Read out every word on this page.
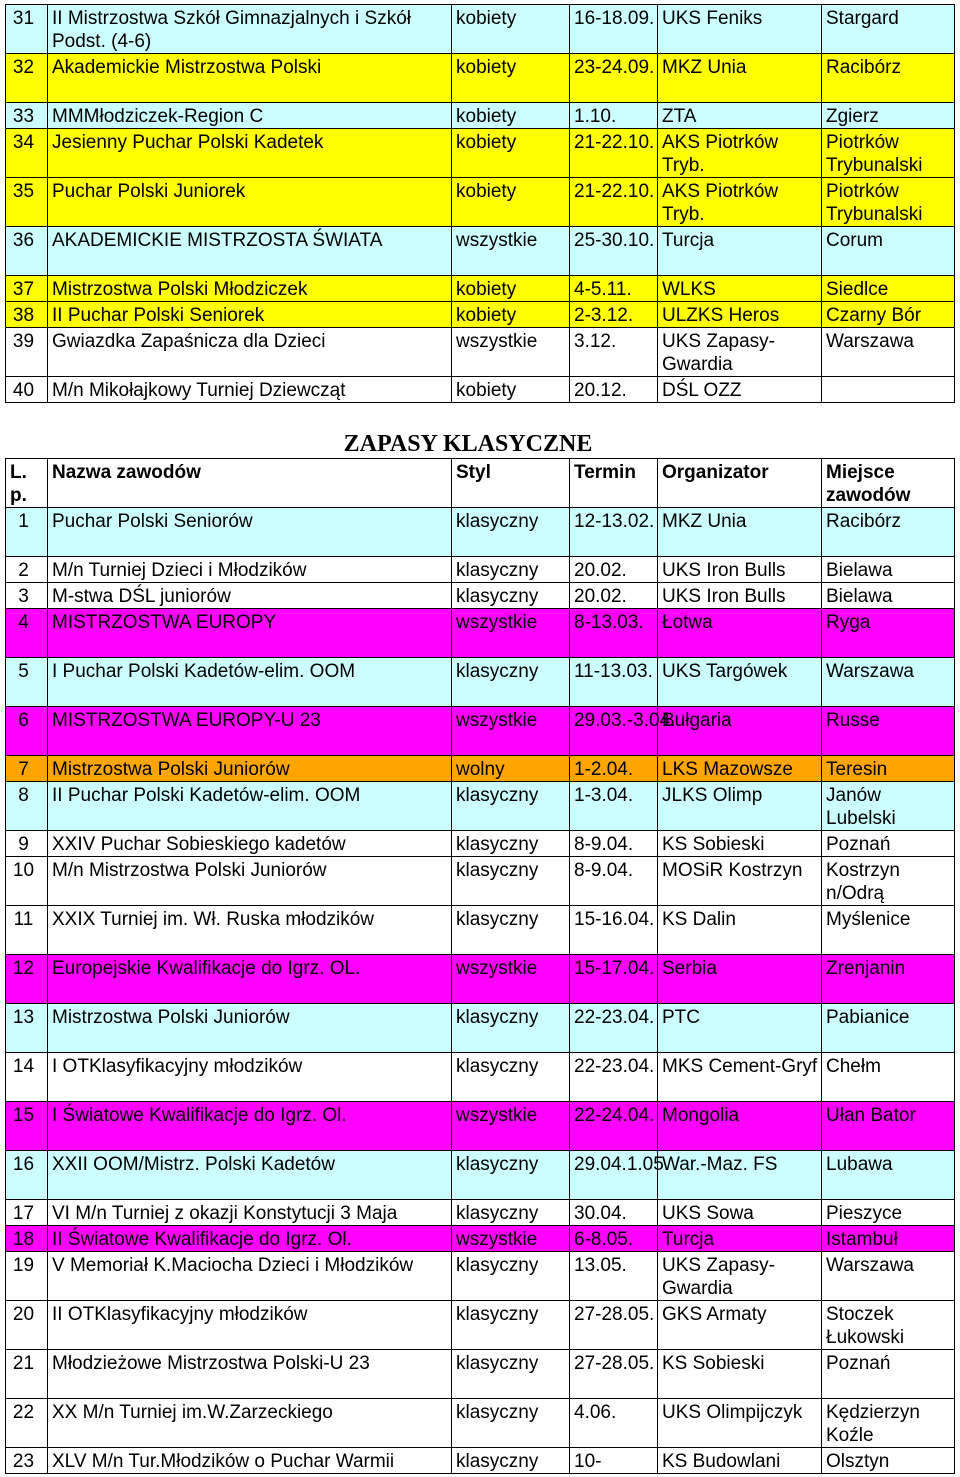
31	II Mistrzostwa Szkół Gimnazjalnych i Szkół Podst. (4-6)	kobiety	16-18.09.	UKS Feniks	Stargard
32	Akademickie Mistrzostwa Polski	kobiety	23-24.09.	MKZ Unia	Racibórz
33	MMMłodziczek-Region C	kobiety	1.10.	ZTA	Zgierz
34	Jesienny Puchar Polski Kadetek	kobiety	21-22.10.	AKS Piotrków Tryb.	Piotrków Trybunalski
35	Puchar Polski Juniorek	kobiety	21-22.10.	AKS Piotrków Tryb.	Piotrków Trybunalski
36	AKADEMICKIE MISTRZOSTA ŚWIATA	wszystkie	25-30.10.	Turcja	Corum
37	Mistrzostwa Polski Młodziczek	kobiety	4-5.11.	WLKS	Siedlce
38	II Puchar Polski Seniorek	kobiety	2-3.12.	ULZKS Heros	Czarny Bór
39	Gwiazdka Zapaśnicza dla Dzieci	wszystkie	3.12.	UKS Zapasy-Gwardia	Warszawa
40	M/n Mikołajkowy Turniej Dziewcząt	kobiety	20.12.	DŚL OZZ	
ZAPASY KLASYCZNE
L. p.	Nazwa zawodów	Styl	Termin	Organizator	Miejsce zawodów
1	Puchar Polski Seniorów	klasyczny	12-13.02.	MKZ Unia	Racibórz
2	M/n Turniej Dzieci i Młodzików	klasyczny	20.02.	UKS Iron Bulls	Bielawa
3	M-stwa DŚL juniorów	klasyczny	20.02.	UKS Iron Bulls	Bielawa
4	MISTRZOSTWA EUROPY	wszystkie	8-13.03.	Łotwa	Ryga
5	I Puchar Polski Kadetów-elim. OOM	klasyczny	11-13.03.	UKS Targówek	Warszawa
6	MISTRZOSTWA EUROPY-U 23	wszystkie	29.03.-3.04.	Bułgaria	Russe
7	Mistrzostwa Polski Juniorów	wolny	1-2.04.	LKS Mazowsze	Teresin
8	II Puchar Polski Kadetów-elim. OOM	klasyczny	1-3.04.	JLKS Olimp	Janów Lubelski
9	XXIV Puchar Sobieskiego kadetów	klasyczny	8-9.04.	KS Sobieski	Poznań
10	M/n Mistrzostwa Polski Juniorów	klasyczny	8-9.04.	MOSiR Kostrzyn	Kostrzyn n/Odrą
11	XXIX Turniej im. Wł. Ruska młodzików	klasyczny	15-16.04.	KS Dalin	Myślenice
12	Europejskie Kwalifikacje do Igrz. OL.	wszystkie	15-17.04.	Serbia	Zrenjanin
13	Mistrzostwa Polski Juniorów	klasyczny	22-23.04.	PTC	Pabianice
14	I OTKlasyfikacyjny młodzików	klasyczny	22-23.04.	MKS Cement-Gryf	Chełm
15	I Światowe Kwalifikacje do Igrz. Ol.	wszystkie	22-24.04.	Mongolia	Ułan Bator
16	XXII OOM/Mistrz. Polski Kadetów	klasyczny	29.04.1.05.	War.-Maz. FS	Lubawa
17	VI M/n Turniej z okazji Konstytucji 3 Maja	klasyczny	30.04.	UKS Sowa	Pieszyce
18	II Światowe Kwalifikacje do Igrz. Ol.	wszystkie	6-8.05.	Turcja	Istambuł
19	V Memoriał K.Maciocha Dzieci i Młodzików	klasyczny	13.05.	UKS Zapasy-Gwardia	Warszawa
20	II OTKlasyfikacyjny młodzików	klasyczny	27-28.05.	GKS Armaty	Stoczek Łukowski
21	Młodzieżowe Mistrzostwa Polski-U 23	klasyczny	27-28.05.	KS Sobieski	Poznań
22	XX M/n Turniej im.W.Zarzeckiego	klasyczny	4.06.	UKS Olimpijczyk	Kędzierzyn Koźle
23	XLV M/n Tur.Młodzików o Puchar Warmii	klasyczny	10-	KS Budowlani	Olsztyn
